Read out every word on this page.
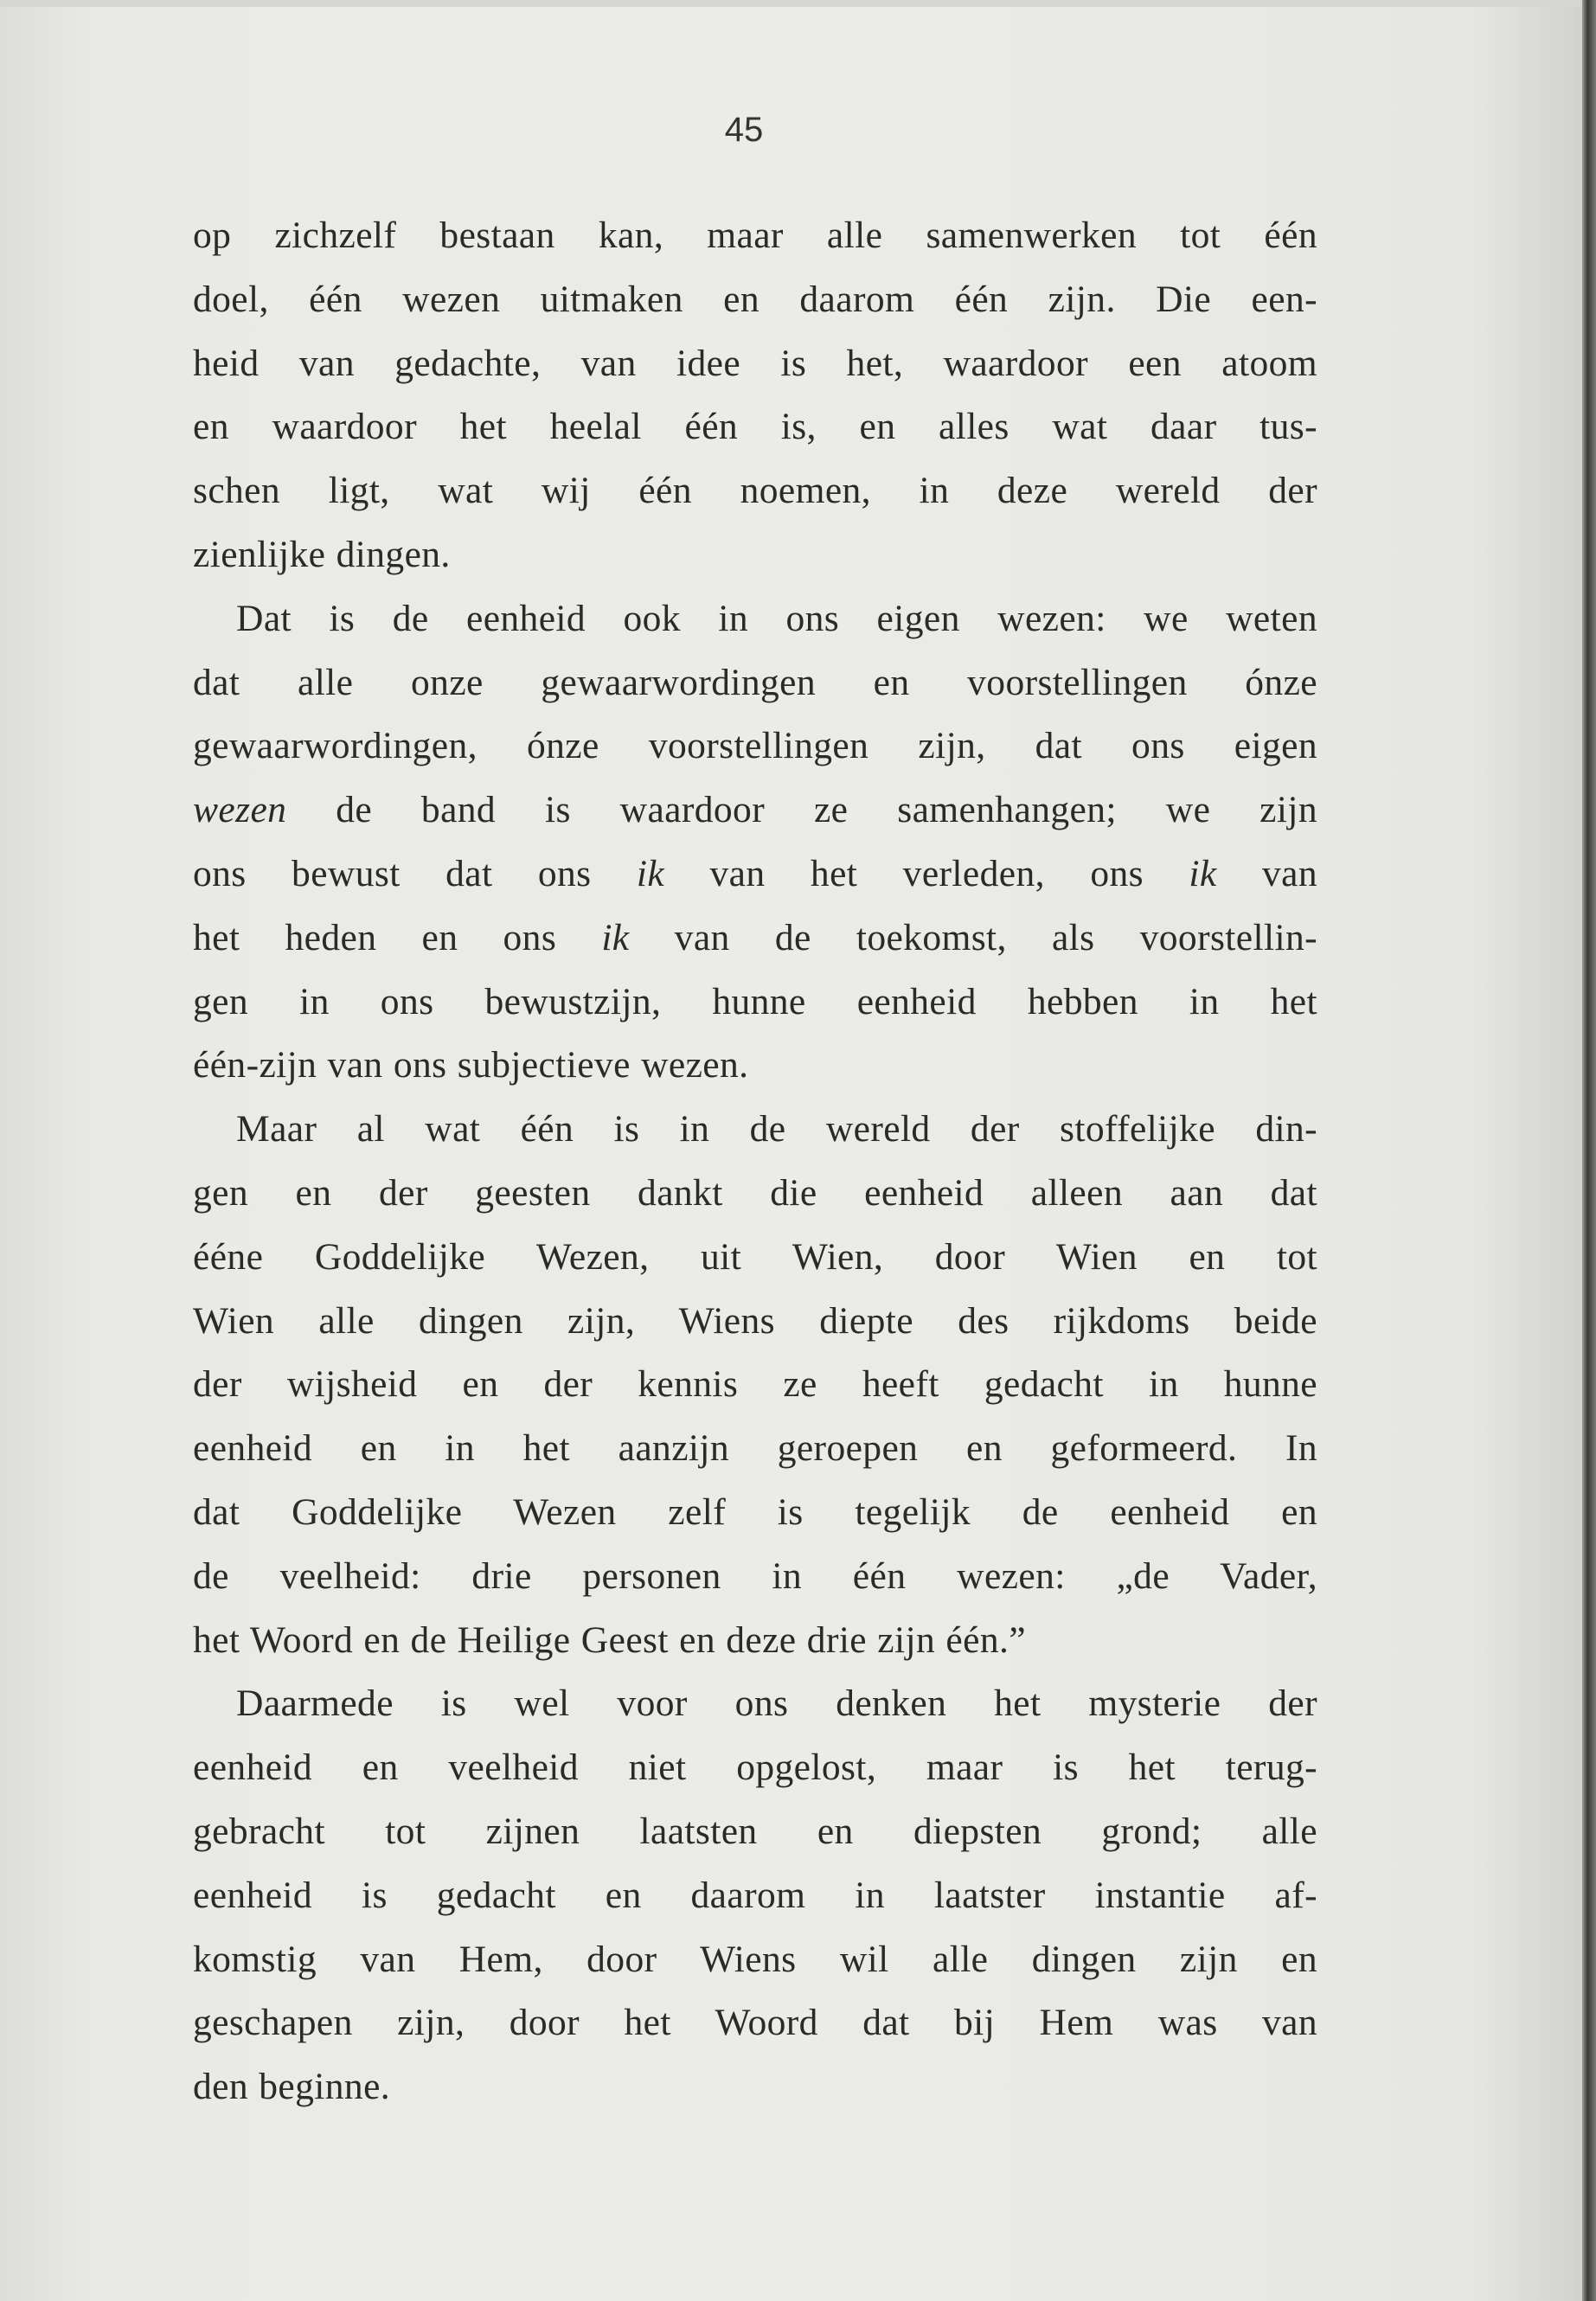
45
op zichzelf bestaan kan, maar alle samenwerken tot één
doel, één wezen uitmaken en daarom één zijn. Die een-
heid van gedachte, van idee is het, waardoor een atoom
en waardoor het heelal één is, en alles wat daar tus-
schen ligt, wat wij één noemen, in deze wereld der
zienlijke dingen.
Dat is de eenheid ook in ons eigen wezen: we weten
dat alle onze gewaarwordingen en voorstellingen ónze
gewaarwordingen, ónze voorstellingen zijn, dat ons eigen
wezen de band is waardoor ze samenhangen; we zijn
ons bewust dat ons ik van het verleden, ons ik van
het heden en ons ik van de toekomst, als voorstellin-
gen in ons bewustzijn, hunne eenheid hebben in het
één-zijn van ons subjectieve wezen.
Maar al wat één is in de wereld der stoffelijke din-
gen en der geesten dankt die eenheid alleen aan dat
éénе Goddelijke Wezen, uit Wien, door Wien en tot
Wien alle dingen zijn, Wiens diepte des rijkdoms beide
der wijsheid en der kennis ze heeft gedacht in hunne
eenheid en in het aanzijn geroepen en geformeerd. In
dat Goddelijke Wezen zelf is tegelijk de eenheid en
de veelheid: drie personen in één wezen: „de Vader,
het Woord en de Heilige Geest en deze drie zijn één.”
Daarmede is wel voor ons denken het mysterie der
eenheid en veelheid niet opgelost, maar is het terug-
gebracht tot zijnen laatsten en diepsten grond; alle
eenheid is gedacht en daarom in laatster instantie af-
komstig van Hem, door Wiens wil alle dingen zijn en
geschapen zijn, door het Woord dat bij Hem was van
den beginne.
